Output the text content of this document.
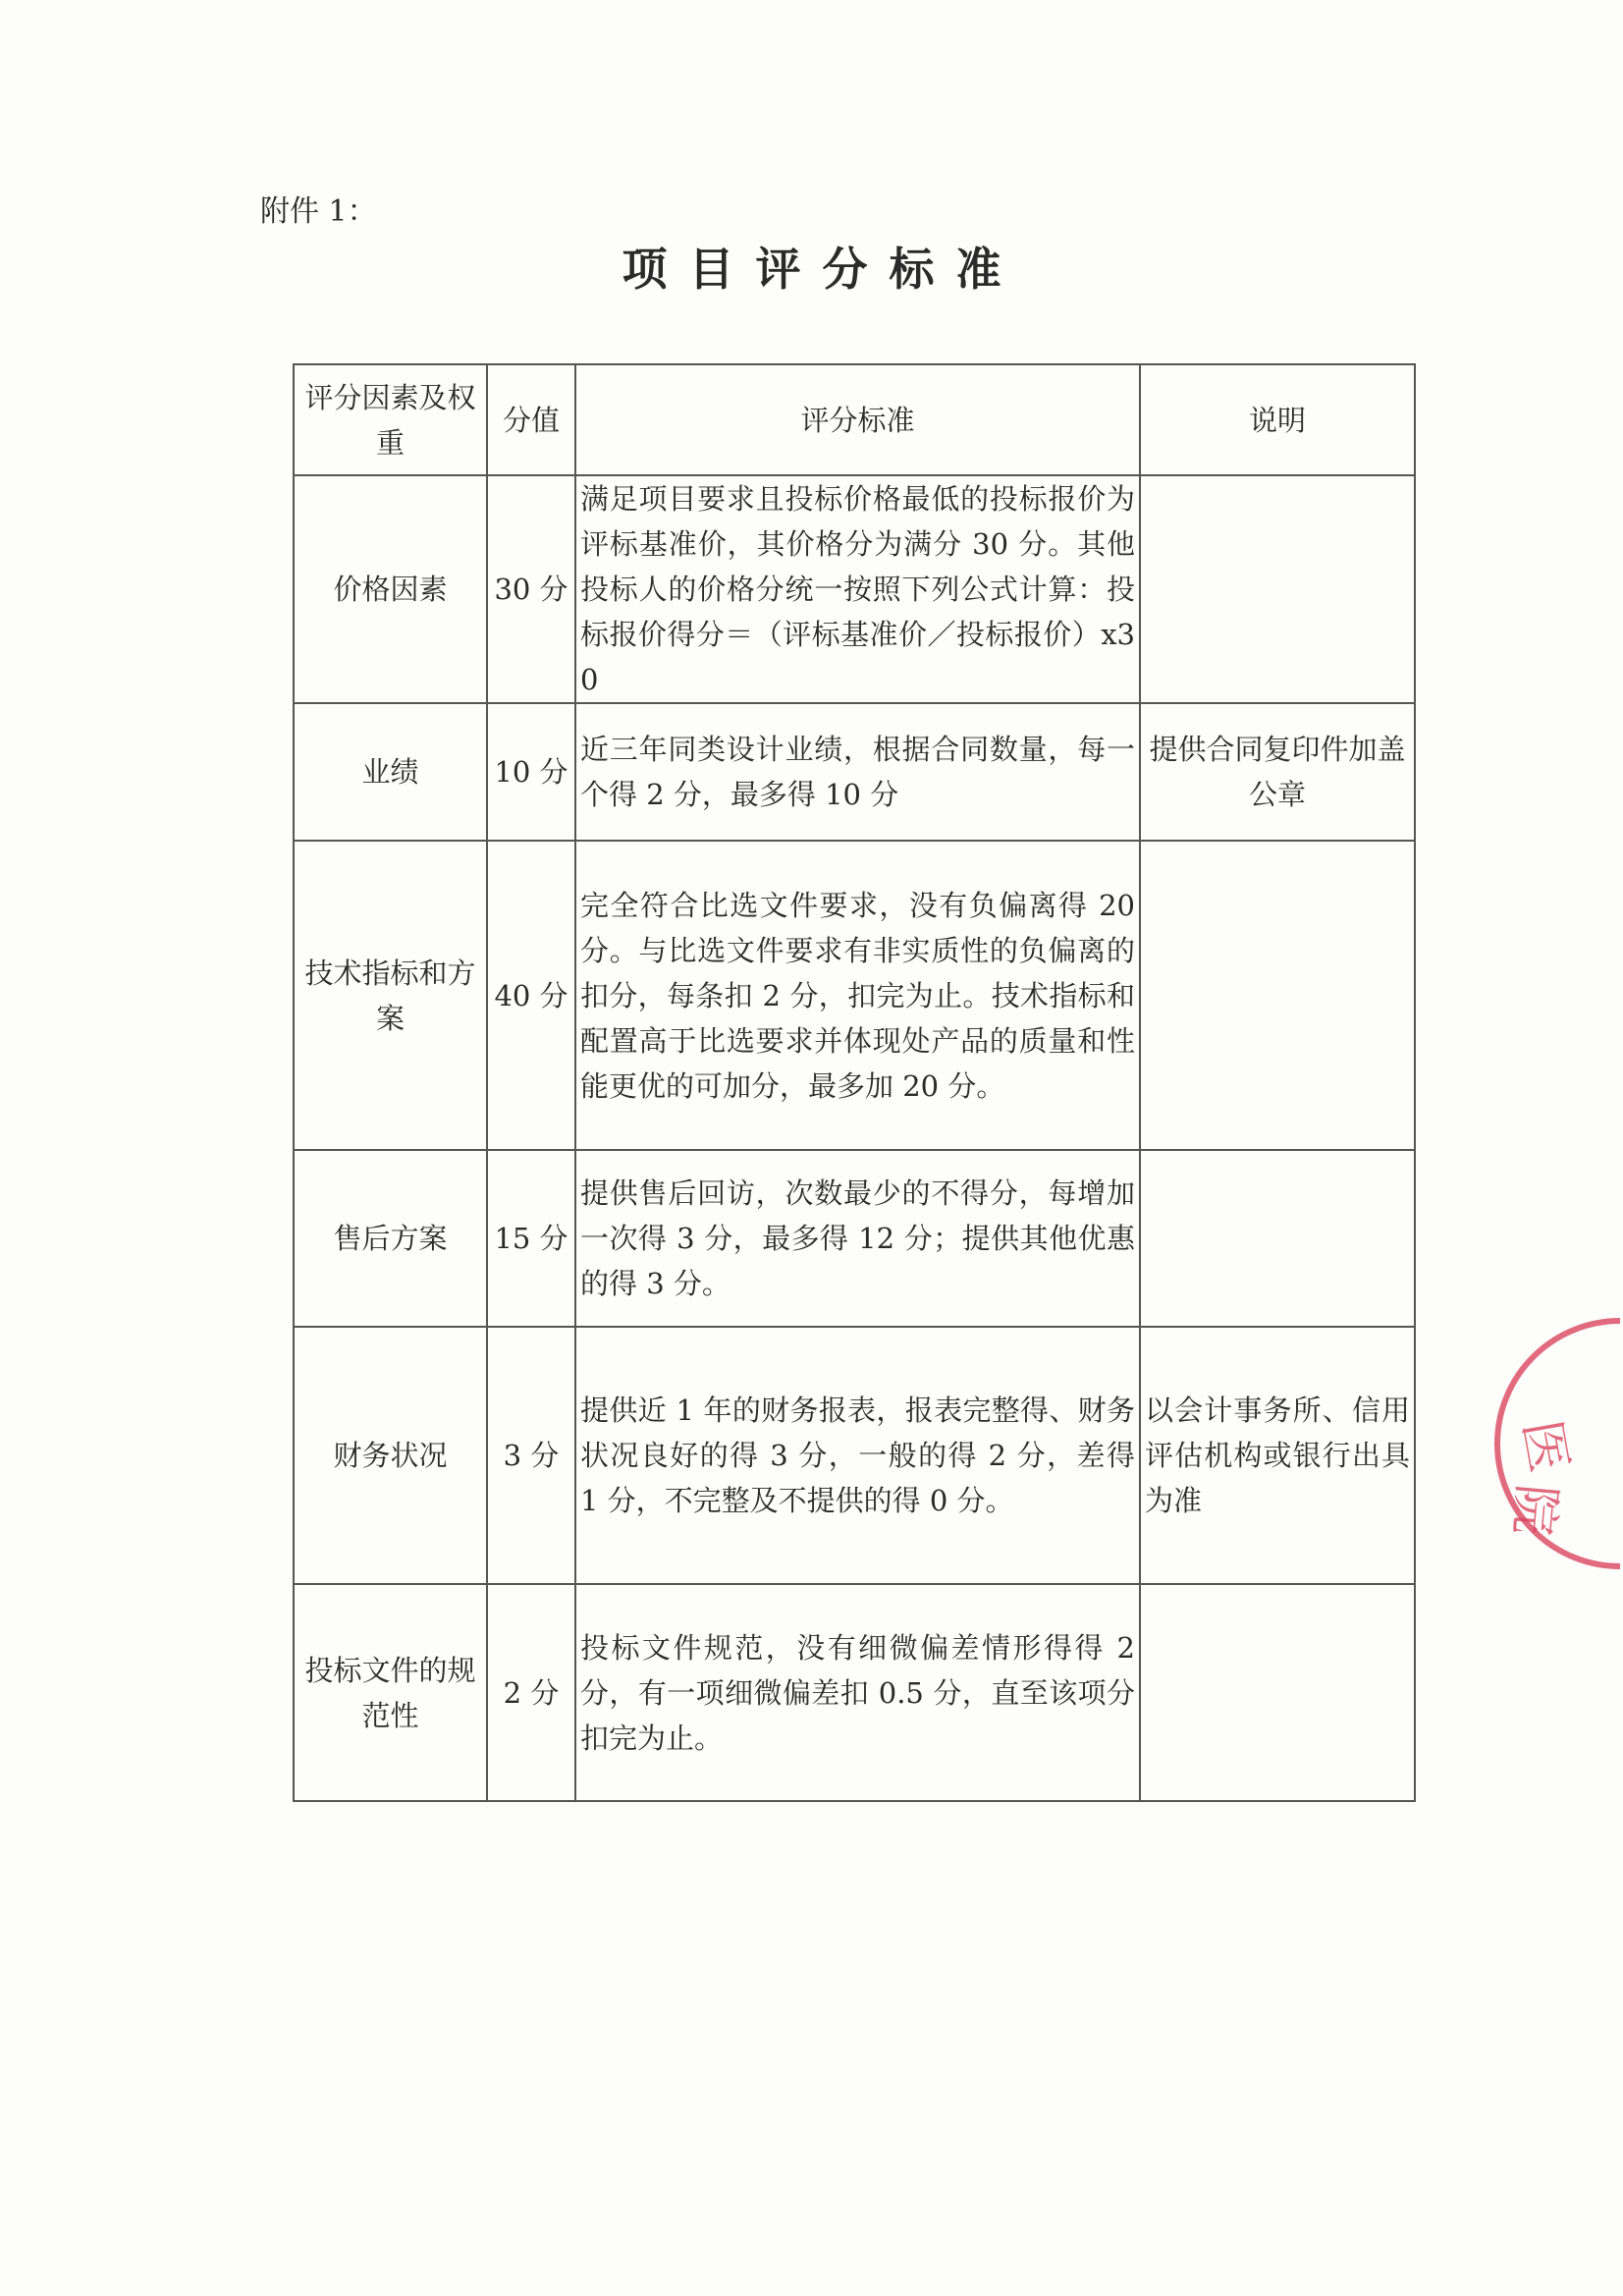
附件 1：
项目评分标准
评分因素及权重	分值	评分标准	说明
价格因素	30 分	满足项目要求且投标价格最低的投标报价为评标基准价，其价格分为满分 30 分。其他投标人的价格分统一按照下列公式计算：投标报价得分＝（评标基准价／投标报价）x30	
业绩	10 分	近三年同类设计业绩，根据合同数量，每一个得 2 分，最多得 10 分	提供合同复印件加盖公章
技术指标和方案	40 分	完全符合比选文件要求，没有负偏离得 20 分。与比选文件要求有非实质性的负偏离的扣分，每条扣 2 分，扣完为止。技术指标和配置高于比选要求并体现处产品的质量和性能更优的可加分，最多加 20 分。	
售后方案	15 分	提供售后回访，次数最少的不得分，每增加一次得 3 分，最多得 12 分；提供其他优惠的得 3 分。	
财务状况	3 分	提供近 1 年的财务报表，报表完整得、财务状况良好的得 3 分，一般的得 2 分，差得 1 分，不完整及不提供的得 0 分。	以会计事务所、信用评估机构或银行出具为准
投标文件的规范性	2 分	投标文件规范，没有细微偏差情形得得 2 分，有一项细微偏差扣 0.5 分，直至该项分扣完为止。	
医
院
